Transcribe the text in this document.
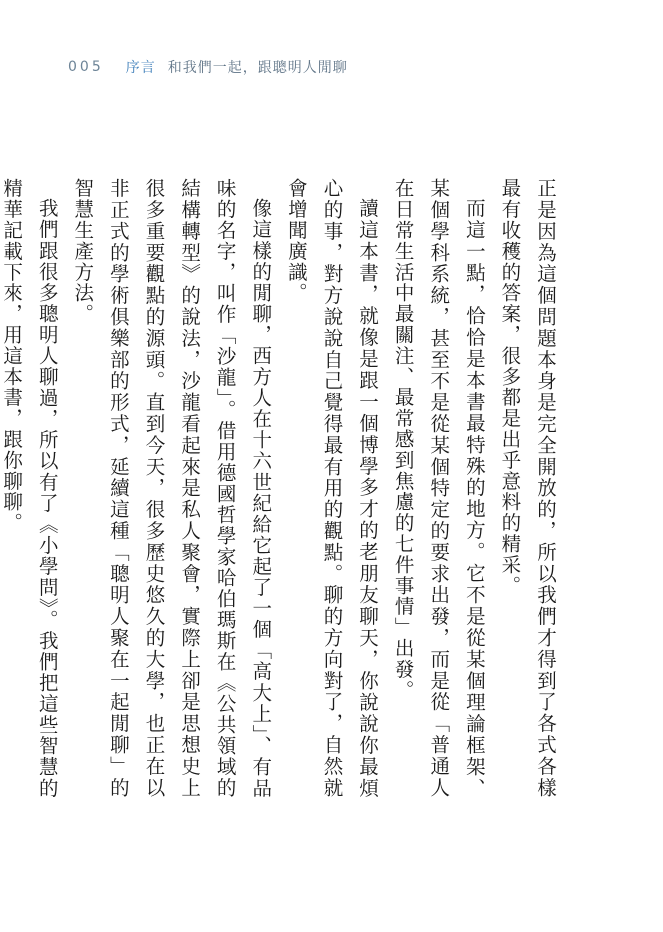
005 序言 和我們一起，跟聰明人閒聊

正是因為這個問題本身是完全開放的，所以我們才得到了各式各樣最有收穫的答案，很多都是出乎意料的精采。

而這一點，恰恰是本書最特殊的地方。它不是從某個理論框架、某個學科系統，甚至不是從某個特定的要求出發，而是從「普通人在日常生活中最關注、最常感到焦慮的七件事情」出發。

讀這本書，就像是跟一個博學多才的老朋友聊天，你說說你最煩心的事，對方說說自己覺得最有用的觀點。聊的方向對了，自然就會增聞廣識。

像這樣的閒聊，西方人在十六世紀給它起了一個「高大上」、有品味的名字，叫作「沙龍」。借用德國哲學家哈伯瑪斯在《公共領域的結構轉型》的說法，沙龍看起來是私人聚會，實際上卻是思想史上很多重要觀點的源頭。直到今天，很多歷史悠久的大學，也正在以非正式的學術俱樂部的形式，延續這種「聰明人聚在一起閒聊」的智慧生產方法。

我們跟很多聰明人聊過，所以有了《小學問》。我們把這些智慧的精華記載下來，用這本書，跟你聊聊。
